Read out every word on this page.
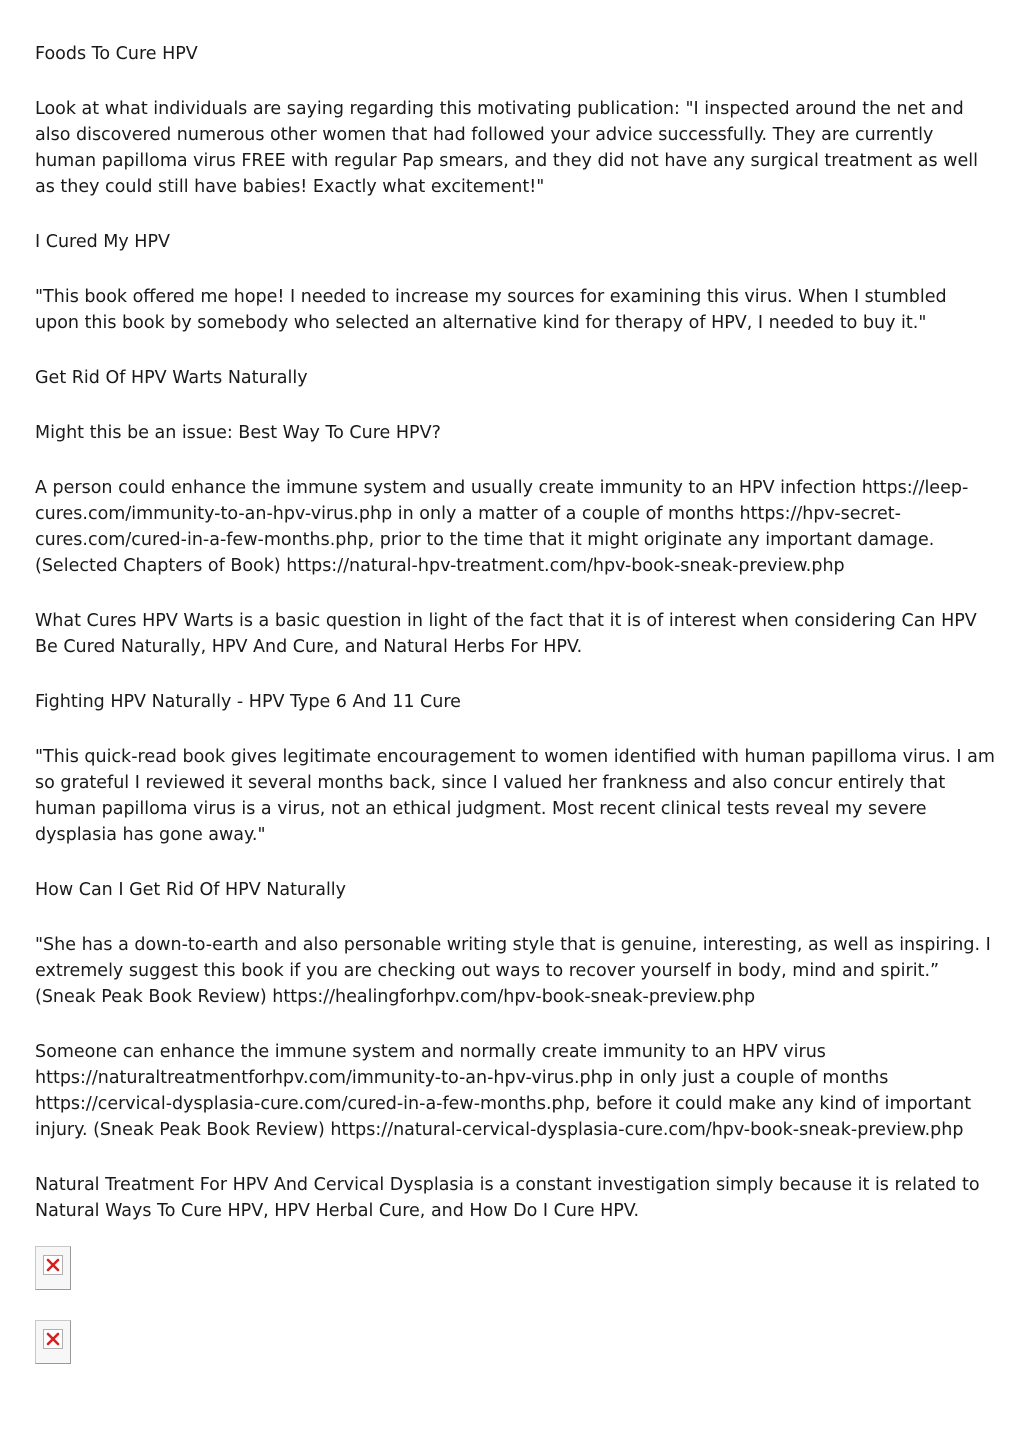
Foods To Cure HPV

Look at what individuals are saying regarding this motivating publication: "I inspected around the net and also discovered numerous other women that had followed your advice successfully. They are currently human papilloma virus FREE with regular Pap smears, and they did not have any surgical treatment as well as they could still have babies! Exactly what excitement!"

I Cured My HPV

"This book offered me hope! I needed to increase my sources for examining this virus. When I stumbled upon this book by somebody who selected an alternative kind for therapy of HPV, I needed to buy it."

Get Rid Of HPV Warts Naturally

Might this be an issue: Best Way To Cure HPV?

A person could enhance the immune system and usually create immunity to an HPV infection https://leep-cures.com/immunity-to-an-hpv-virus.php in only a matter of a couple of months https://hpv-secret-cures.com/cured-in-a-few-months.php, prior to the time that it might originate any important damage. (Selected Chapters of Book) https://natural-hpv-treatment.com/hpv-book-sneak-preview.php

What Cures HPV Warts is a basic question in light of the fact that it is of interest when considering Can HPV Be Cured Naturally, HPV And Cure, and Natural Herbs For HPV.

Fighting HPV Naturally - HPV Type 6 And 11 Cure

"This quick-read book gives legitimate encouragement to women identified with human papilloma virus. I am so grateful I reviewed it several months back, since I valued her frankness and also concur entirely that human papilloma virus is a virus, not an ethical judgment. Most recent clinical tests reveal my severe dysplasia has gone away."

How Can I Get Rid Of HPV Naturally

"She has a down-to-earth and also personable writing style that is genuine, interesting, as well as inspiring. I extremely suggest this book if you are checking out ways to recover yourself in body, mind and spirit.” (Sneak Peak Book Review) https://healingforhpv.com/hpv-book-sneak-preview.php

Someone can enhance the immune system and normally create immunity to an HPV virus https://naturaltreatmentforhpv.com/immunity-to-an-hpv-virus.php in only just a couple of months https://cervical-dysplasia-cure.com/cured-in-a-few-months.php, before it could make any kind of important injury. (Sneak Peak Book Review) https://natural-cervical-dysplasia-cure.com/hpv-book-sneak-preview.php

Natural Treatment For HPV And Cervical Dysplasia is a constant investigation simply because it is related to Natural Ways To Cure HPV, HPV Herbal Cure, and How Do I Cure HPV.
